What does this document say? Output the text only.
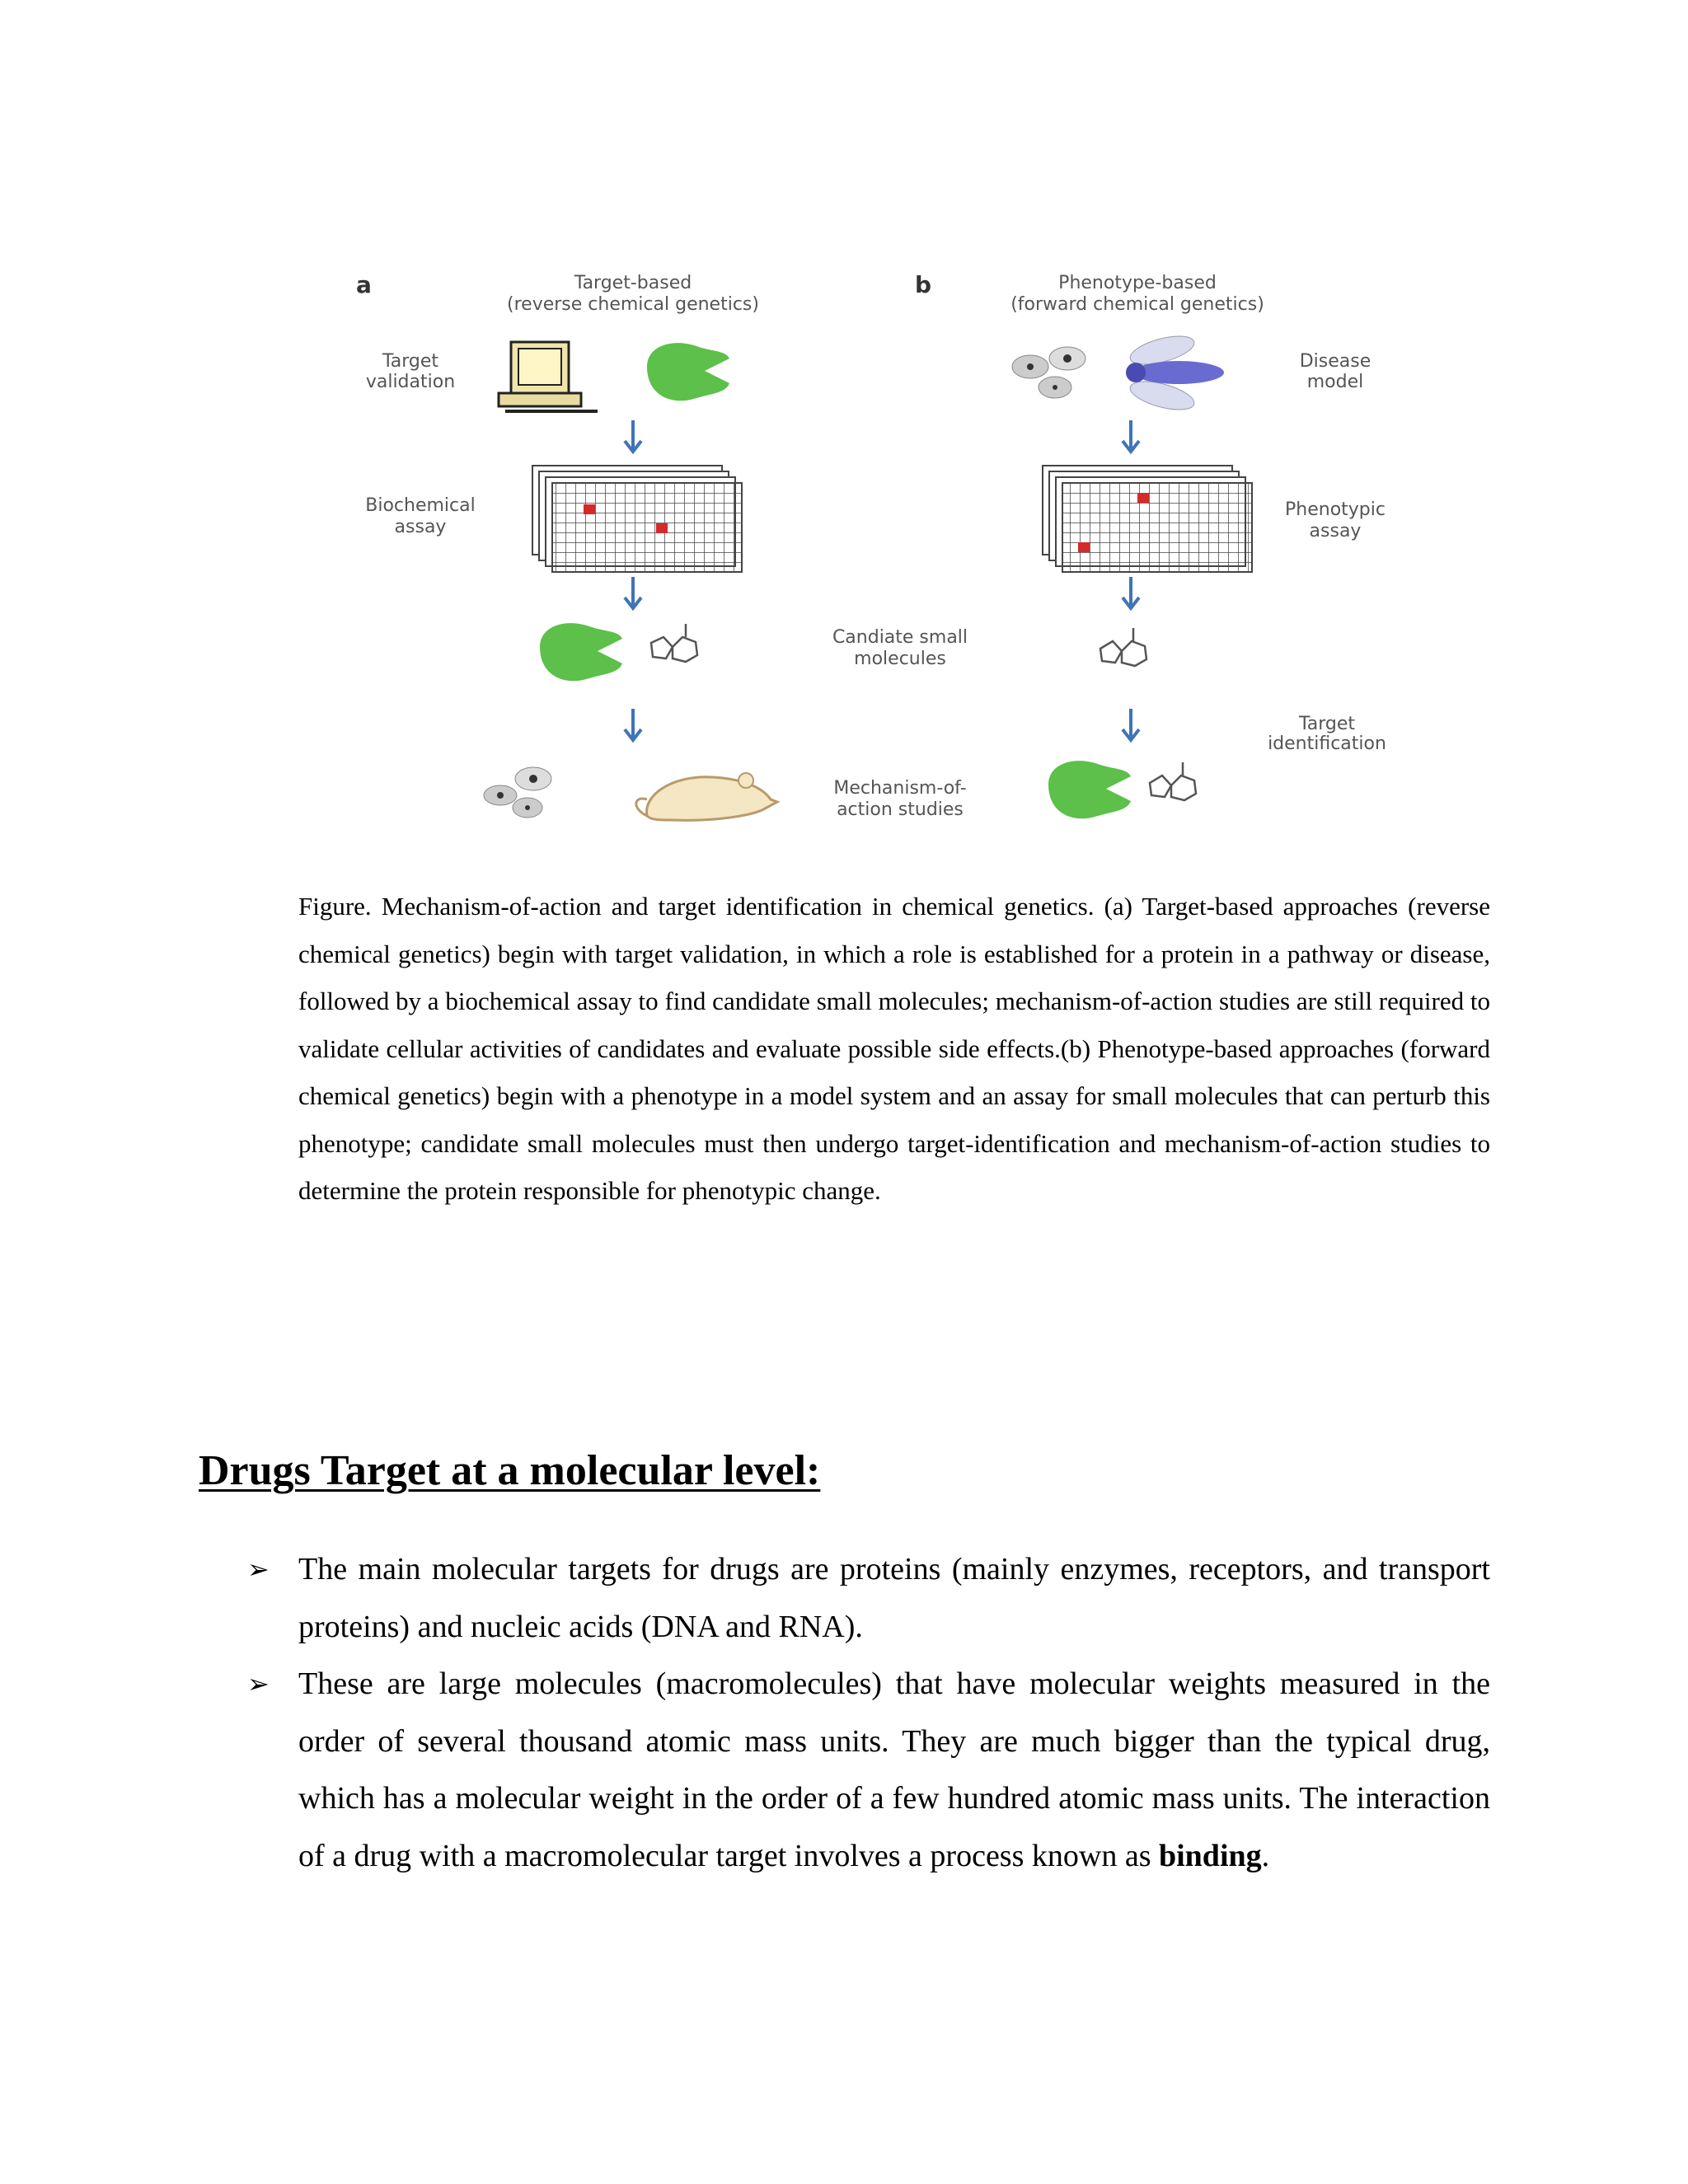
a	Target-based
(reverse chemical genetics)
b	Phenotype-based
(forward chemical genetics)
Target
validation
Disease
model
Biochemical
assay
Phenotypic
assay
Candiate small
molecules
Target
identification
Mechanism-of-
action studies

Figure. Mechanism-of-action and target identification in chemical genetics. (a) Target-based approaches (reverse chemical genetics) begin with target validation, in which a role is established for a protein in a pathway or disease, followed by a biochemical assay to find candidate small molecules; mechanism-of-action studies are still required to validate cellular activities of candidates and evaluate possible side effects.(b) Phenotype-based approaches (forward chemical genetics) begin with a phenotype in a model system and an assay for small molecules that can perturb this phenotype; candidate small molecules must then undergo target-identification and mechanism-of-action studies to determine the protein responsible for phenotypic change.

Drugs Target at a molecular level:
➢ The main molecular targets for drugs are proteins (mainly enzymes, receptors, and transport proteins) and nucleic acids (DNA and RNA).
➢ These are large molecules (macromolecules) that have molecular weights measured in the order of several thousand atomic mass units. They are much bigger than the typical drug, which has a molecular weight in the order of a few hundred atomic mass units. The interaction of a drug with a macromolecular target involves a process known as binding.
